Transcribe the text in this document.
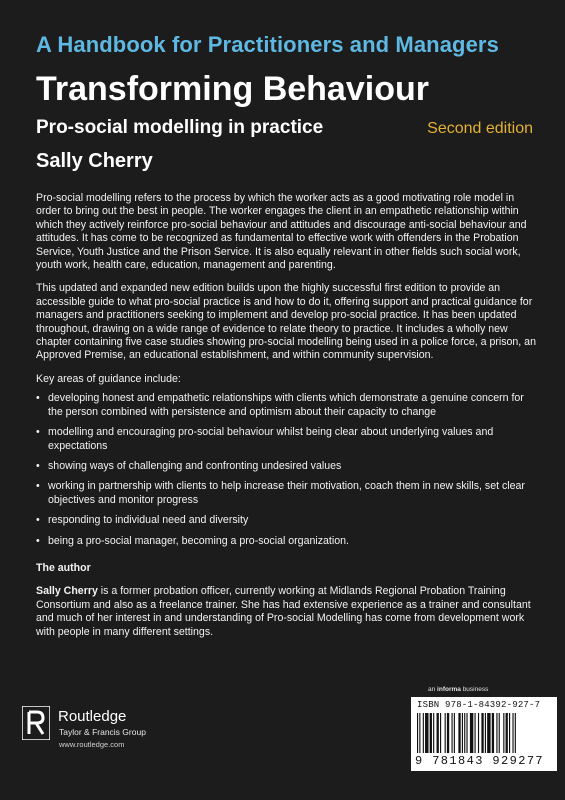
A Handbook for Practitioners and Managers
Transforming Behaviour
Pro-social modelling in practice	Second edition
Sally Cherry

Pro-social modelling refers to the process by which the worker acts as a good motivating role model in order to bring out the best in people. The worker engages the client in an empathetic relationship within which they actively reinforce pro-social behaviour and attitudes and discourage anti-social behaviour and attitudes. It has come to be recognized as fundamental to effective work with offenders in the Probation Service, Youth Justice and the Prison Service. It is also equally relevant in other fields such social work, youth work, health care, education, management and parenting.

This updated and expanded new edition builds upon the highly successful first edition to provide an accessible guide to what pro-social practice is and how to do it, offering support and practical guidance for managers and practitioners seeking to implement and develop pro-social practice. It has been updated throughout, drawing on a wide range of evidence to relate theory to practice. It includes a wholly new chapter containing five case studies showing pro-social modelling being used in a police force, a prison, an Approved Premise, an educational establishment, and within community supervision.

Key areas of guidance include:

• developing honest and empathetic relationships with clients which demonstrate a genuine concern for the person combined with persistence and optimism about their capacity to change
• modelling and encouraging pro-social behaviour whilst being clear about underlying values and expectations
• showing ways of challenging and confronting undesired values
• working in partnership with clients to help increase their motivation, coach them in new skills, set clear objectives and monitor progress
• responding to individual need and diversity
• being a pro-social manager, becoming a pro-social organization.

The author

Sally Cherry is a former probation officer, currently working at Midlands Regional Probation Training Consortium and also as a freelance trainer. She has had extensive experience as a trainer and consultant and much of her interest in and understanding of Pro-social Modelling has come from development work with people in many different settings.

Routledge
Taylor & Francis Group
www.routledge.com
an informa business
ISBN 978-1-84392-927-7
9 781843 929277
